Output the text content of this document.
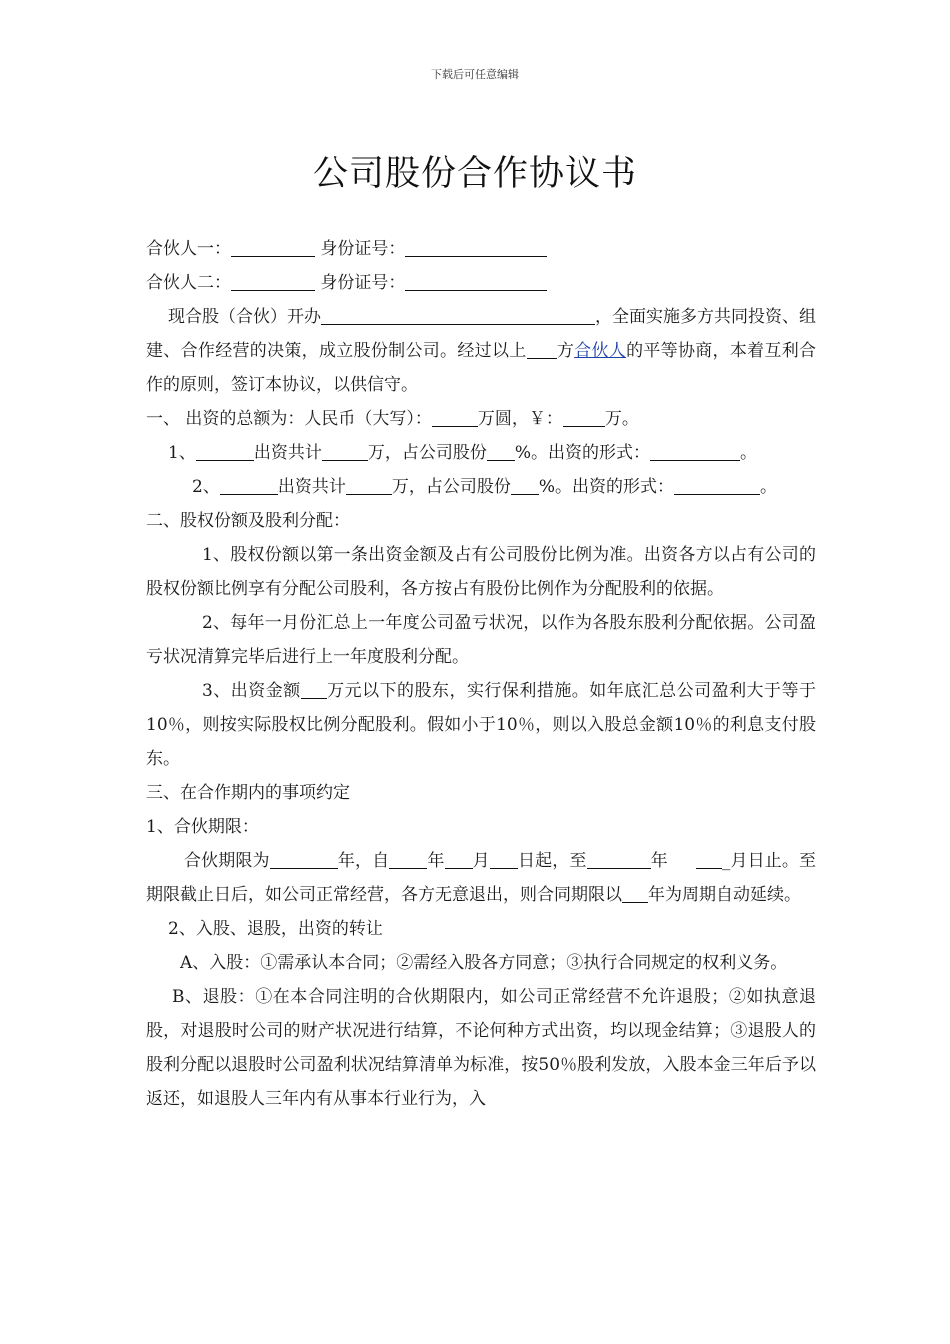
下载后可任意编辑
公司股份合作协议书
合伙人一：	身份证号：
合伙人二：	身份证号：
现合股（合伙）开办	，全面实施多方共同投资、组建、合作经营的决策，成立股份制公司。经过以上 方合伙人的平等协商，本着互利合作的原则，签订本协议，以供信守。
一、 出资的总额为：人民币（大写）：	万圆，￥： 万。
1、	出资共计	万，占公司股份 %。出资的形式：	。
2、	出资共计	万，占公司股份 %。出资的形式：	。
二、股权份额及股利分配：
1、股权份额以第一条出资金额及占有公司股份比例为准。出资各方以占有公司的股权份额比例享有分配公司股利，各方按占有股份比例作为分配股利的依据。
2、每年一月份汇总上一年度公司盈亏状况，以作为各股东股利分配依据。公司盈亏状况清算完毕后进行上一年度股利分配。
3、出资金额 万元以下的股东，实行保利措施。如年底汇总公司盈利大于等于10％，则按实际股权比例分配股利。假如小于10％，则以入股总金额10％的利息支付股东。
三、在合作期内的事项约定
1、合伙期限：
合伙期限为	年，自 年 月 日起，至	年	_月日止。至期限截止日后，如公司正常经营，各方无意退出，则合同期限以 年为周期自动延续。
2、入股、退股，出资的转让
A、入股：①需承认本合同；②需经入股各方同意；③执行合同规定的权利义务。
B、退股：①在本合同注明的合伙期限内，如公司正常经营不允许退股；②如执意退股，对退股时公司的财产状况进行结算，不论何种方式出资，均以现金结算；③退股人的股利分配以退股时公司盈利状况结算清单为标准，按50％股利发放，入股本金三年后予以返还，如退股人三年内有从事本行业行为，入
